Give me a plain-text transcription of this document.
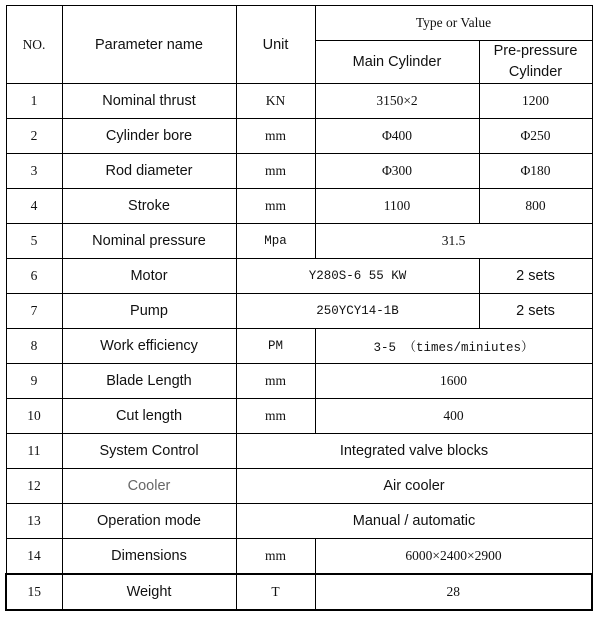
NO.	Parameter name	Unit	Type or Value	
			Main Cylinder	Pre-pressure
Cylinder
1	Nominal thrust	KN	3150×2	1200
2	Cylinder bore	mm	Φ400	Φ250
3	Rod diameter	mm	Φ300	Φ180
4	Stroke	mm	1100	800
5	Nominal pressure	Mpa	31.5	
6	Motor	Y280S-6 55 KW		2 sets
7	Pump	250YCY14-1B		2 sets
8	Work efficiency	PM	3-5 （times/miniutes）	
9	Blade Length	mm	1600	
10	Cut length	mm	400	
11	System Control	Integrated valve blocks		
12	Cooler	Air cooler		
13	Operation mode	Manual / automatic		
14	Dimensions	mm	6000×2400×2900	
15	Weight	T	28	
